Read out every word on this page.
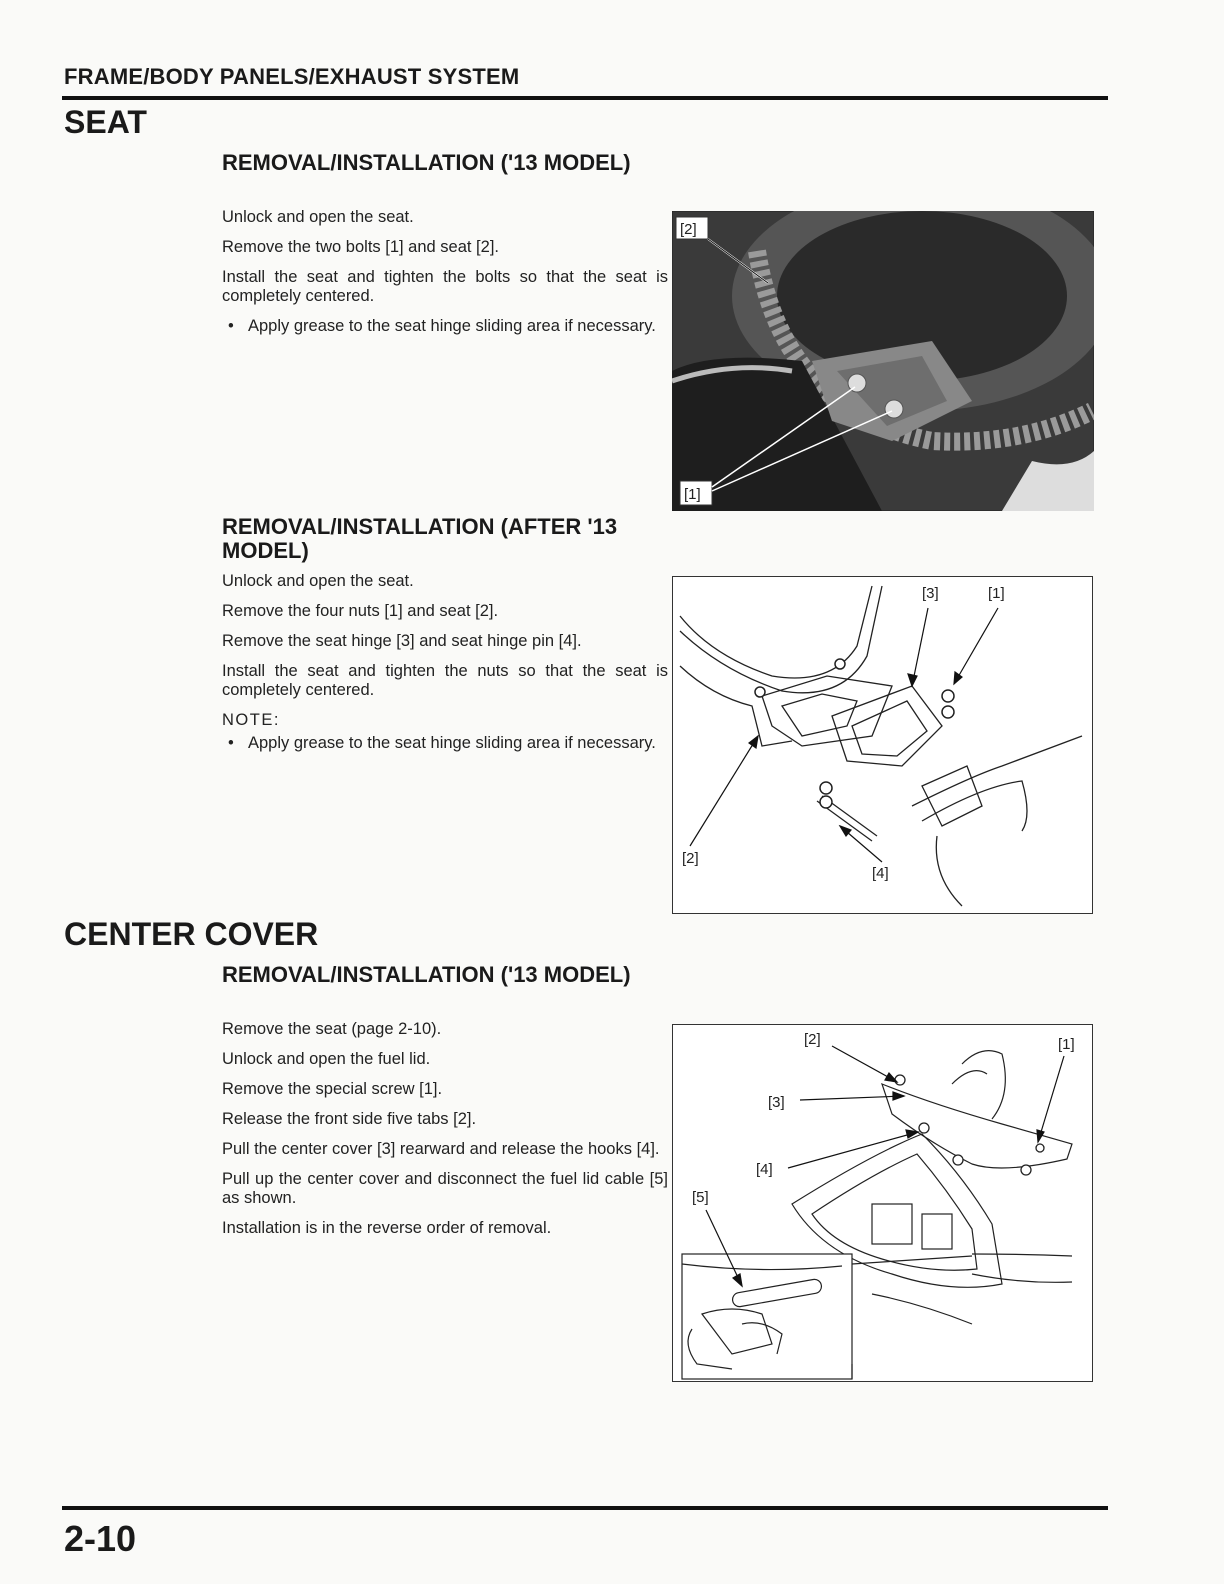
FRAME/BODY PANELS/EXHAUST SYSTEM
SEAT
REMOVAL/INSTALLATION ('13 MODEL)

Unlock and open the seat.

Remove the two bolts [1] and seat [2].

Install the seat and tighten the bolts so that the seat is completely centered.

• Apply grease to the seat hinge sliding area if necessary.

[2]
[1]
REMOVAL/INSTALLATION (AFTER '13 MODEL)

Unlock and open the seat.

Remove the four nuts [1] and seat [2].

Remove the seat hinge [3] and seat hinge pin [4].

Install the seat and tighten the nuts so that the seat is completely centered.

NOTE:

• Apply grease to the seat hinge sliding area if necessary.

[3]	[1]
[2]
[4]
CENTER COVER
REMOVAL/INSTALLATION ('13 MODEL)

Remove the seat (page 2-10).

Unlock and open the fuel lid.

Remove the special screw [1].

Release the front side five tabs [2].

Pull the center cover [3] rearward and release the hooks [4].

Pull up the center cover and disconnect the fuel lid cable [5] as shown.

Installation is in the reverse order of removal.

[2]	[1]
[3]
[4]
[5]
2-10
